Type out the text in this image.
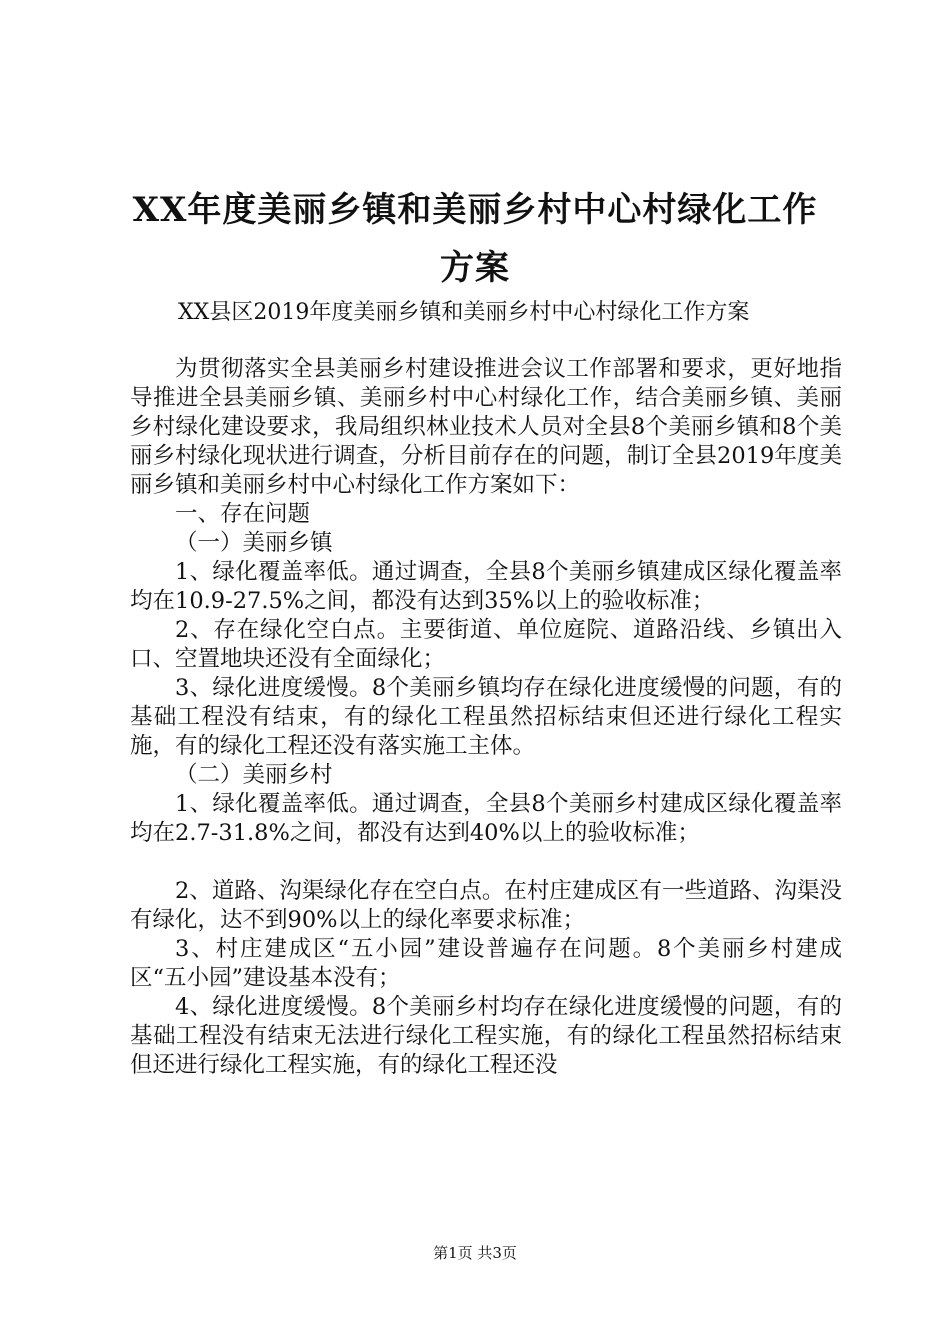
XX年度美丽乡镇和美丽乡村中心村绿化工作
方案
XX县区2019年度美丽乡镇和美丽乡村中心村绿化工作方案

为贯彻落实全县美丽乡村建设推进会议工作部署和要求，更好地指导推进全县美丽乡镇、美丽乡村中心村绿化工作，结合美丽乡镇、美丽乡村绿化建设要求，我局组织林业技术人员对全县8个美丽乡镇和8个美丽乡村绿化现状进行调查，分析目前存在的问题，制订全县2019年度美丽乡镇和美丽乡村中心村绿化工作方案如下：

一、存在问题

（一）美丽乡镇

1、绿化覆盖率低。通过调查，全县8个美丽乡镇建成区绿化覆盖率均在10.9-27.5%之间，都没有达到35%以上的验收标准；

2、存在绿化空白点。主要街道、单位庭院、道路沿线、乡镇出入口、空置地块还没有全面绿化；

3、绿化进度缓慢。8个美丽乡镇均存在绿化进度缓慢的问题，有的基础工程没有结束，有的绿化工程虽然招标结束但还进行绿化工程实施，有的绿化工程还没有落实施工主体。

（二）美丽乡村

1、绿化覆盖率低。通过调查，全县8个美丽乡村建成区绿化覆盖率均在2.7-31.8%之间，都没有达到40%以上的验收标准；

2、道路、沟渠绿化存在空白点。在村庄建成区有一些道路、沟渠没有绿化，达不到90%以上的绿化率要求标准；

3、村庄建成区“五小园”建设普遍存在问题。8个美丽乡村建成区“五小园”建设基本没有；

4、绿化进度缓慢。8个美丽乡村均存在绿化进度缓慢的问题，有的基础工程没有结束无法进行绿化工程实施，有的绿化工程虽然招标结束但还进行绿化工程实施，有的绿化工程还没

第1页 共3页
